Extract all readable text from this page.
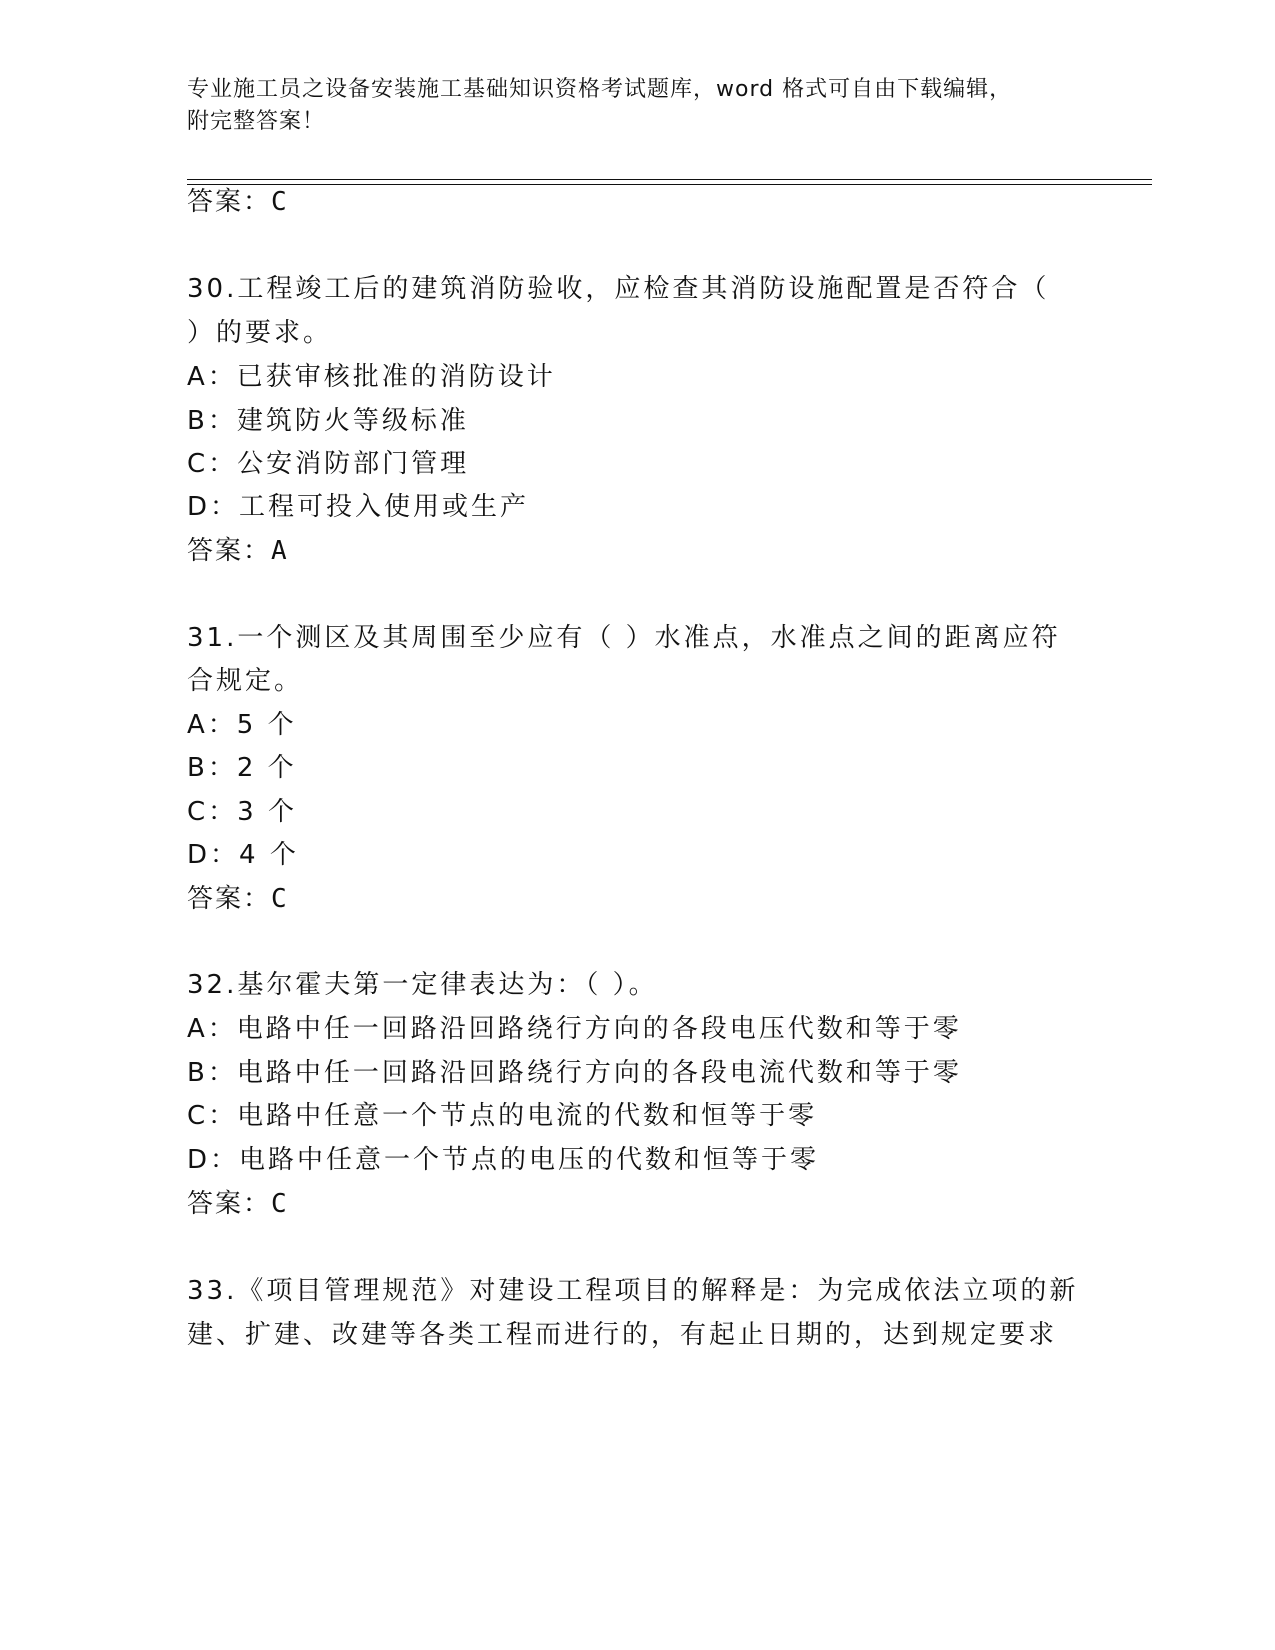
专业施工员之设备安装施工基础知识资格考试题库，word 格式可自由下载编辑，
附完整答案！
答案：C
30.工程竣工后的建筑消防验收，应检查其消防设施配置是否符合（
）的要求。
A：已获审核批准的消防设计
B：建筑防火等级标准
C：公安消防部门管理
D：工程可投入使用或生产
答案：A
31.一个测区及其周围至少应有（ ）水准点，水准点之间的距离应符
合规定。
A：5 个
B：2 个
C：3 个
D：4 个
答案：C
32.基尔霍夫第一定律表达为：（ ）。
A：电路中任一回路沿回路绕行方向的各段电压代数和等于零
B：电路中任一回路沿回路绕行方向的各段电流代数和等于零
C：电路中任意一个节点的电流的代数和恒等于零
D：电路中任意一个节点的电压的代数和恒等于零
答案：C
33.《项目管理规范》对建设工程项目的解释是：为完成依法立项的新
建、扩建、改建等各类工程而进行的，有起止日期的，达到规定要求
